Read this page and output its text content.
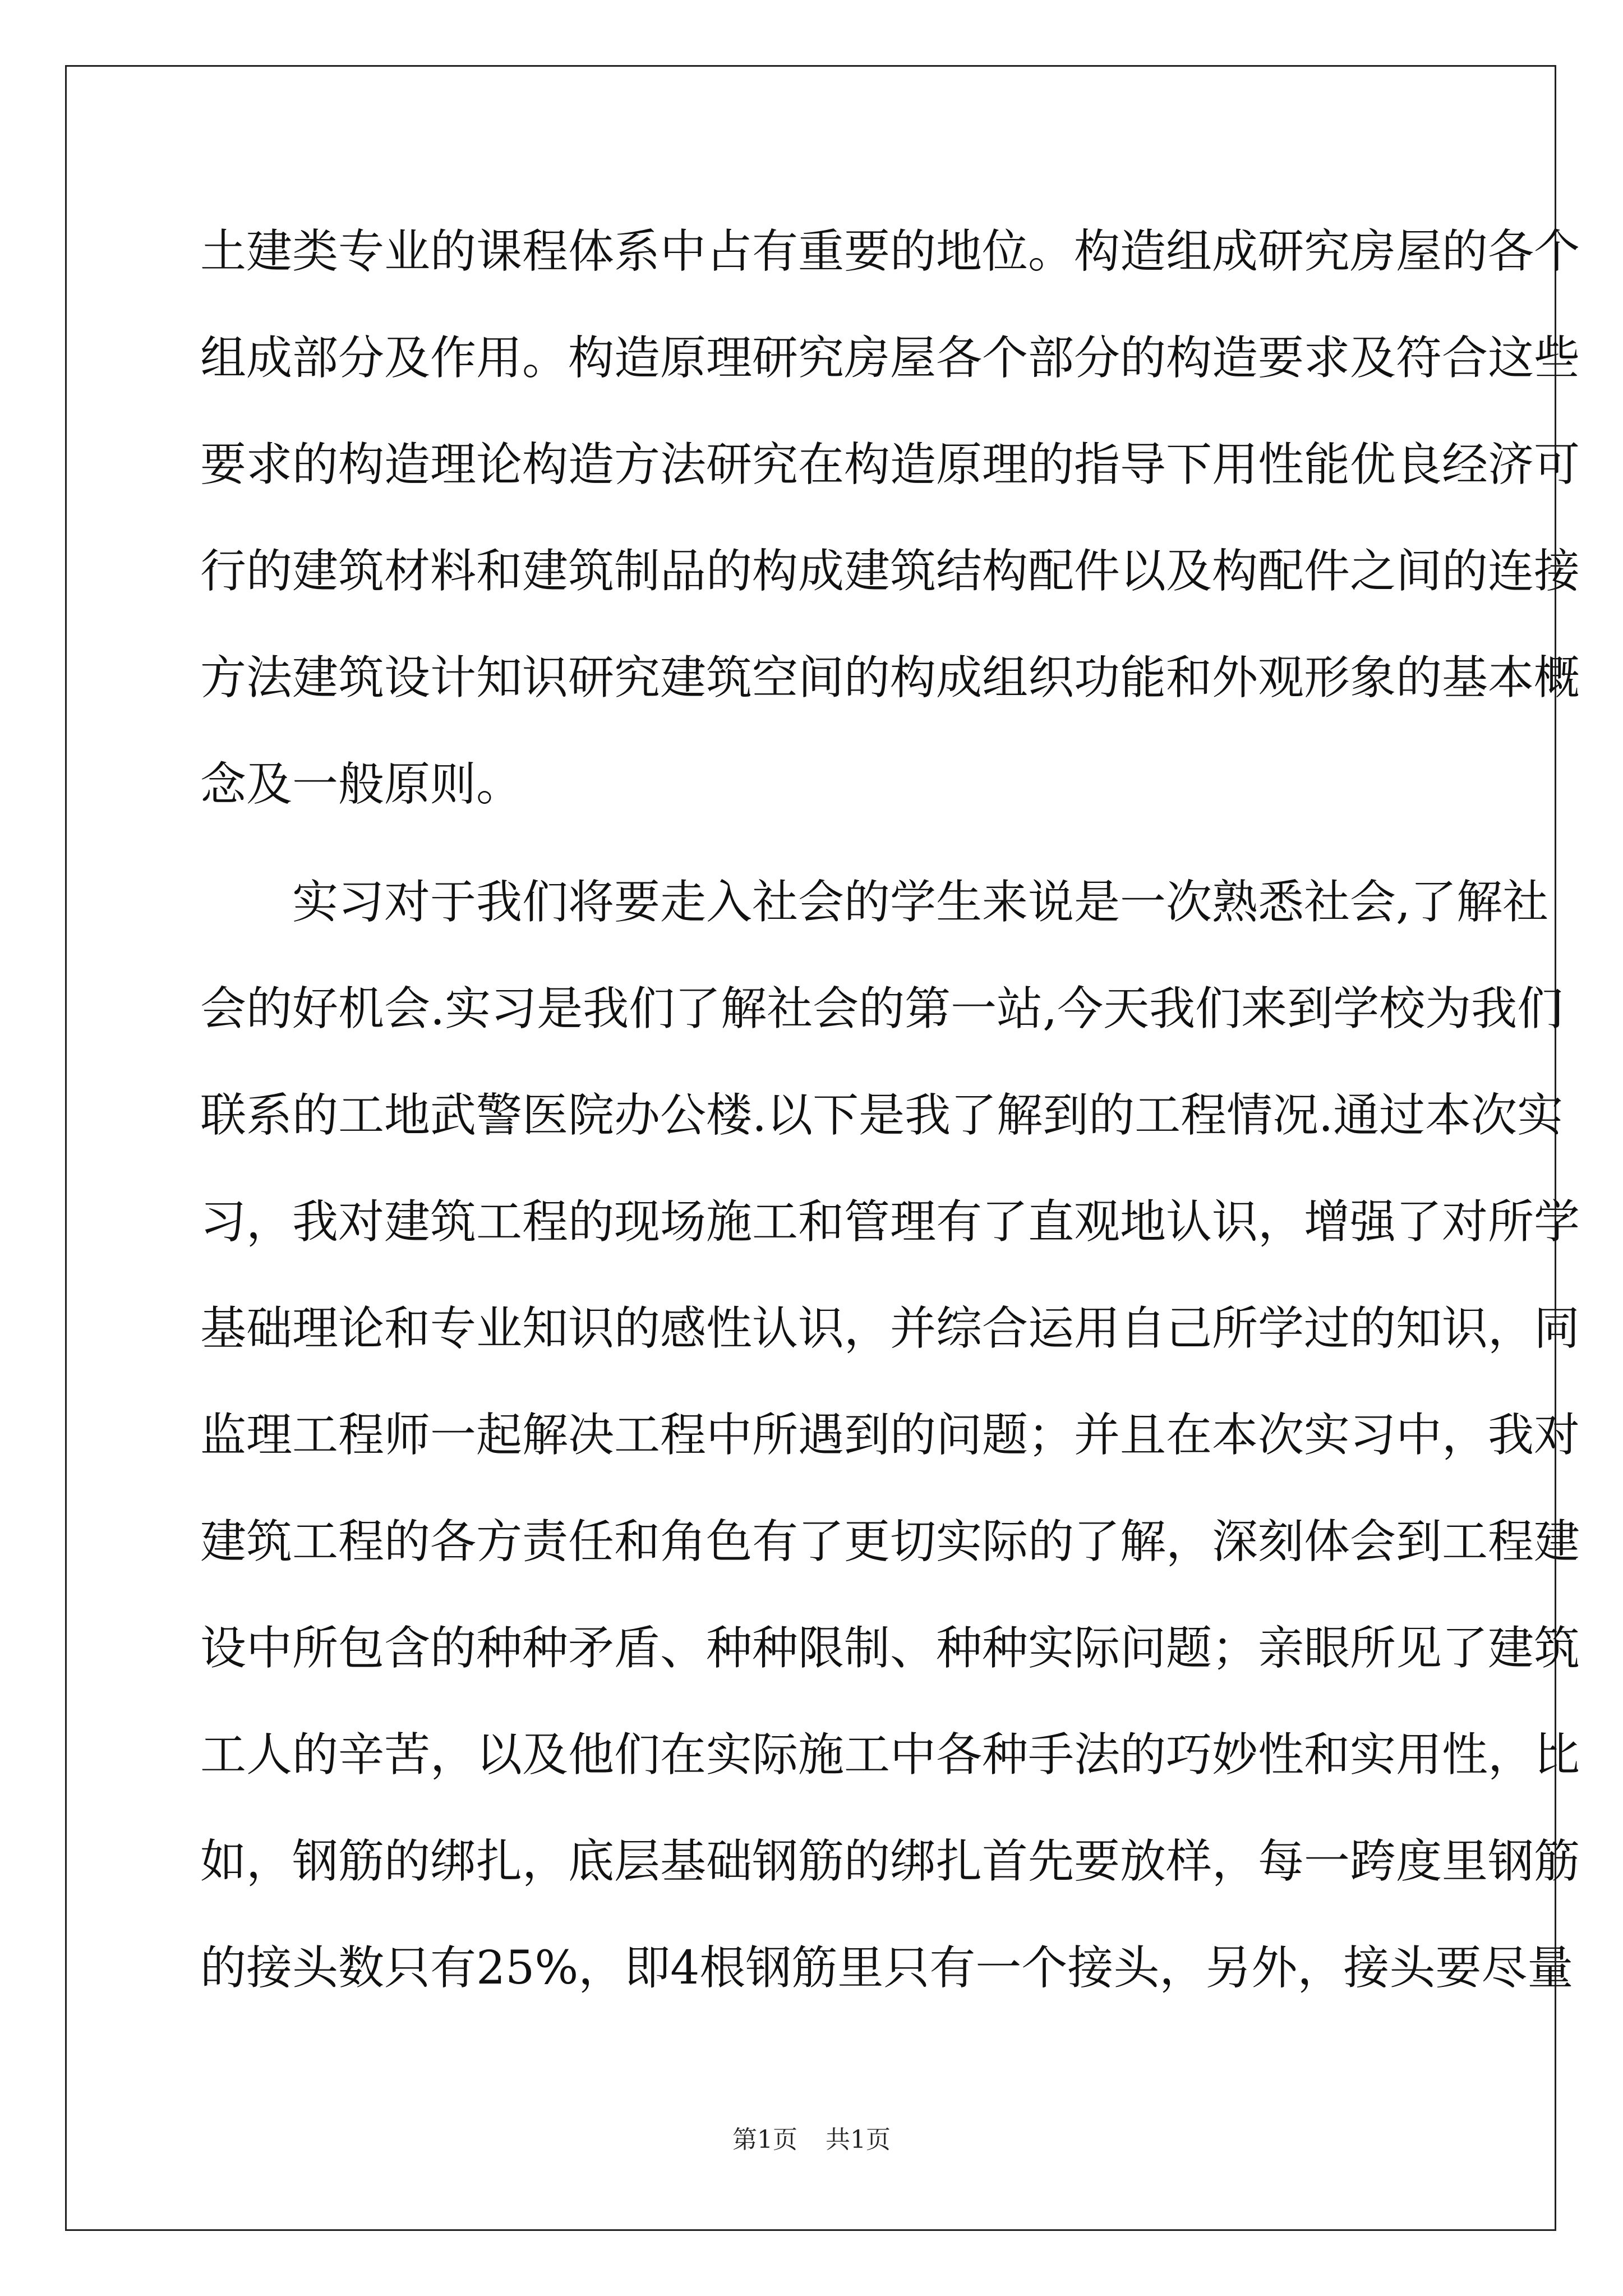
土建类专业的课程体系中占有重要的地位。构造组成研究房屋的各个
组成部分及作用。构造原理研究房屋各个部分的构造要求及符合这些
要求的构造理论构造方法研究在构造原理的指导下用性能优良经济可
行的建筑材料和建筑制品的构成建筑结构配件以及构配件之间的连接
方法建筑设计知识研究建筑空间的构成组织功能和外观形象的基本概
念及一般原则。
实习对于我们将要走入社会的学生来说是一次熟悉社会,了解社
会的好机会.实习是我们了解社会的第一站,今天我们来到学校为我们
联系的工地武警医院办公楼.以下是我了解到的工程情况.通过本次实
习，我对建筑工程的现场施工和管理有了直观地认识，增强了对所学
基础理论和专业知识的感性认识，并综合运用自己所学过的知识，同
监理工程师一起解决工程中所遇到的问题；并且在本次实习中，我对
建筑工程的各方责任和角色有了更切实际的了解，深刻体会到工程建
设中所包含的种种矛盾、种种限制、种种实际问题；亲眼所见了建筑
工人的辛苦，以及他们在实际施工中各种手法的巧妙性和实用性，比
如，钢筋的绑扎，底层基础钢筋的绑扎首先要放样，每一跨度里钢筋
的接头数只有25%，即4根钢筋里只有一个接头，另外，接头要尽量
第1页 共1页
